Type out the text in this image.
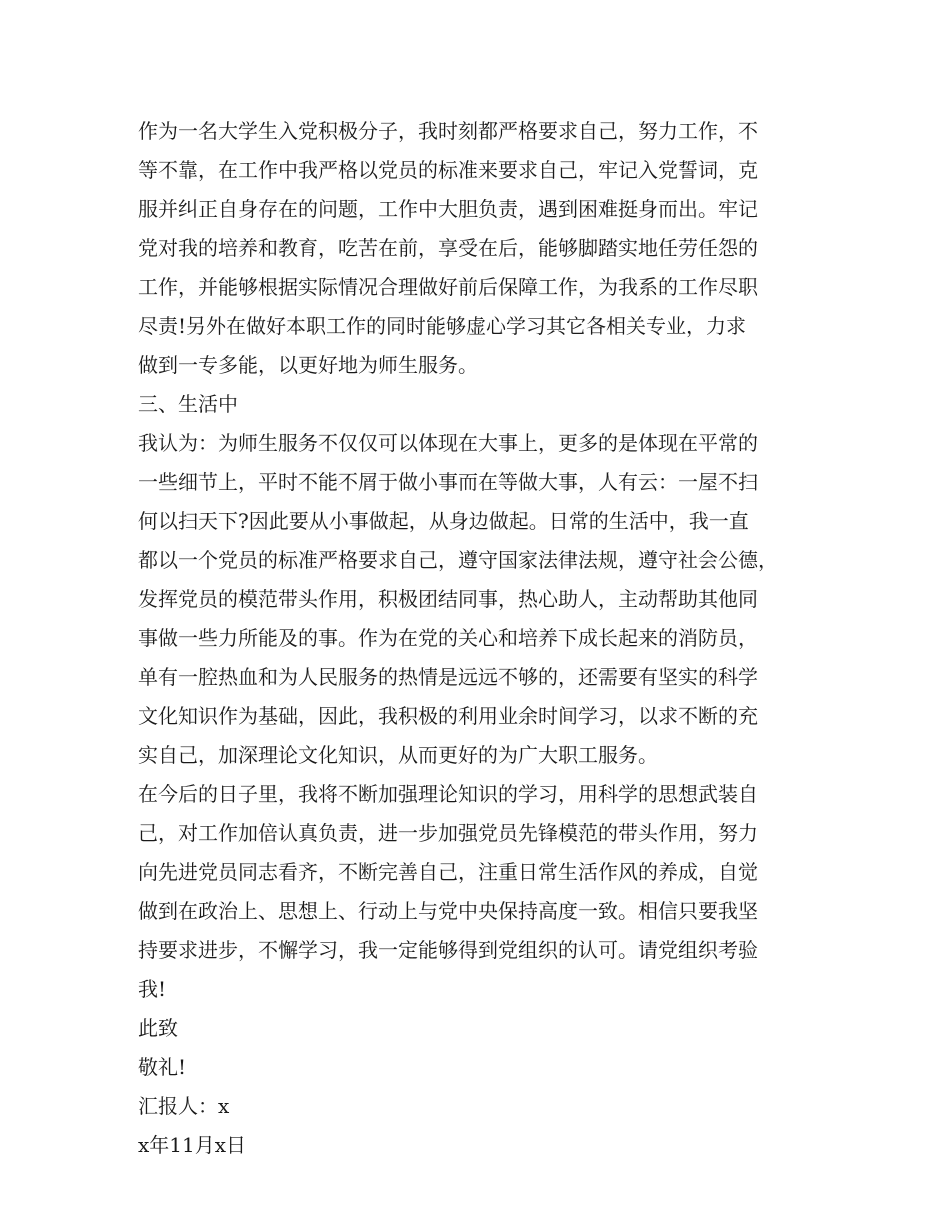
作为一名大学生入党积极分子，我时刻都严格要求自己，努力工作，不
等不靠，在工作中我严格以党员的标准来要求自己，牢记入党誓词，克
服并纠正自身存在的问题，工作中大胆负责，遇到困难挺身而出。牢记
党对我的培养和教育，吃苦在前，享受在后，能够脚踏实地任劳任怨的
工作，并能够根据实际情况合理做好前后保障工作，为我系的工作尽职
尽责!另外在做好本职工作的同时能够虚心学习其它各相关专业，力求
做到一专多能，以更好地为师生服务。
三、生活中
我认为：为师生服务不仅仅可以体现在大事上，更多的是体现在平常的
一些细节上，平时不能不屑于做小事而在等做大事，人有云：一屋不扫
何以扫天下?因此要从小事做起，从身边做起。日常的生活中，我一直
都以一个党员的标准严格要求自己，遵守国家法律法规，遵守社会公德，
发挥党员的模范带头作用，积极团结同事，热心助人，主动帮助其他同
事做一些力所能及的事。作为在党的关心和培养下成长起来的消防员，
单有一腔热血和为人民服务的热情是远远不够的，还需要有坚实的科学
文化知识作为基础，因此，我积极的利用业余时间学习，以求不断的充
实自己，加深理论文化知识，从而更好的为广大职工服务。
在今后的日子里，我将不断加强理论知识的学习，用科学的思想武装自
己，对工作加倍认真负责，进一步加强党员先锋模范的带头作用，努力
向先进党员同志看齐，不断完善自己，注重日常生活作风的养成，自觉
做到在政治上、思想上、行动上与党中央保持高度一致。相信只要我坚
持要求进步，不懈学习，我一定能够得到党组织的认可。请党组织考验
我!
此致
敬礼!
汇报人：x
x年11月x日
